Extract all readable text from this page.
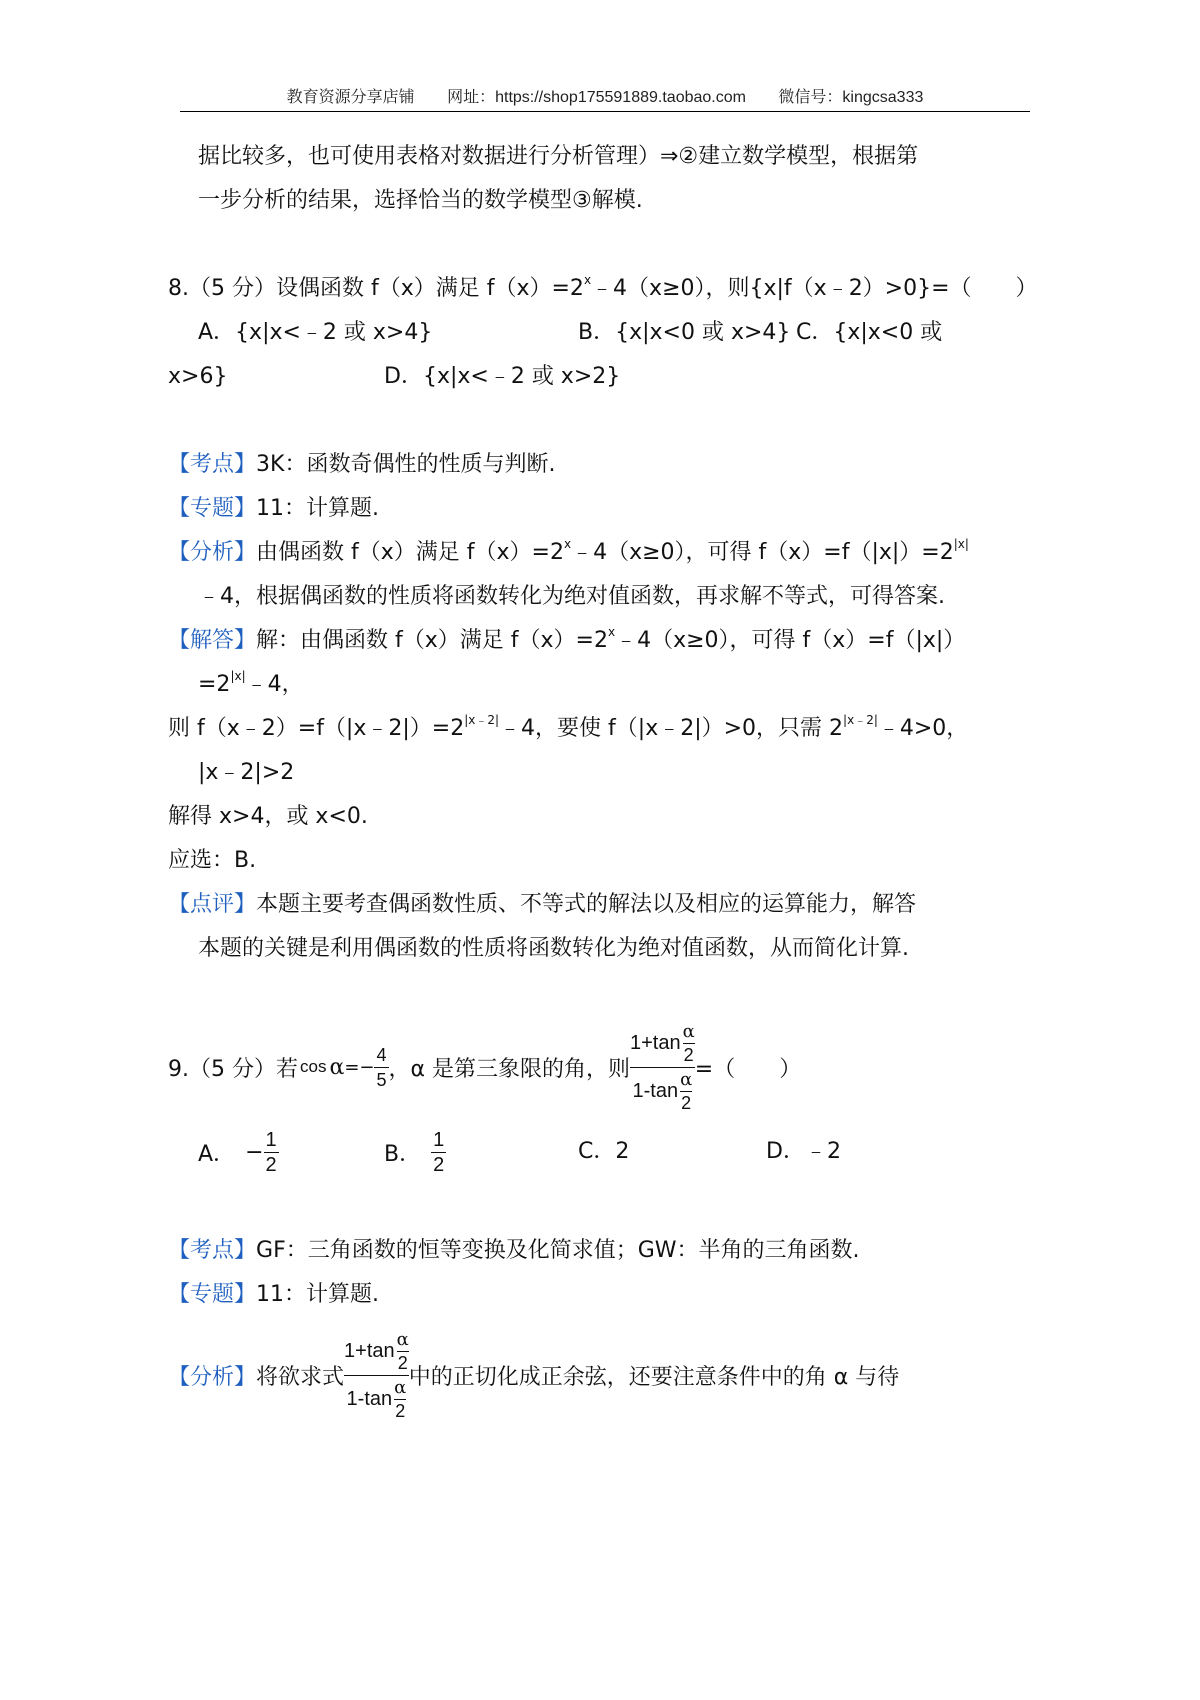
教育资源分享店铺 网址：https://shop175591889.taobao.com 微信号：kingcsa333
据比较多，也可使用表格对数据进行分析管理）⇒②建立数学模型，根据第
一步分析的结果，选择恰当的数学模型③解模.
8.（5 分）设偶函数 f（x）满足 $f(x)=2^x﹣4(x\ge 0)$，则{x|f（x﹣2）>0}=（　　）
A．{x|x<﹣2 或 x>4}	B．{x|x<0 或 x>4} C．{x|x<0 或
x>6}	D．{x|x<﹣2 或 x>2}
【考点】3K：函数奇偶性的性质与判断.
【专题】11：计算题.
【分析】由偶函数 f（x）满足 $f(x)=2^x﹣4(x\ge 0)$，可得 $f(x)=f(|x|)=2^{|x|}$
﹣4，根据偶函数的性质将函数转化为绝对值函数，再求解不等式，可得答案.
【解答】解：由偶函数 f（x）满足 $f(x)=2^x﹣4(x\ge 0)$，可得 f（x）=f（|x|）
$=2^{|x|}﹣4$，
则 $f(x﹣2)=f(|x﹣2|)=2^{|x﹣2|}﹣4$，要使 f（|x﹣2|）>0，只需 $2^{|x﹣2|}﹣4>0$，
|x﹣2|>2
解得 x>4，或 x<0.
应选：B.
【点评】本题主要考查偶函数性质、不等式的解法以及相应的运算能力，解答
本题的关键是利用偶函数的性质将函数转化为绝对值函数，从而简化计算.
9.（5 分）若 $\cos \alpha =- \frac{4}{5}$ ，α 是第三象限的角，则
1+tan
α
2
1-tan
α
2
=（　　）
A． − $\frac{1}{2}$	B． $\frac{1}{2}$	C．2	D．﹣2
【考点】GF：三角函数的恒等变换及化简求值；GW：半角的三角函数.
【专题】11：计算题.
【分析】 将欲求式
1+tan
α
2
1-tan
α
2
中的正切化成正余弦，还要注意条件中的角 α 与待
